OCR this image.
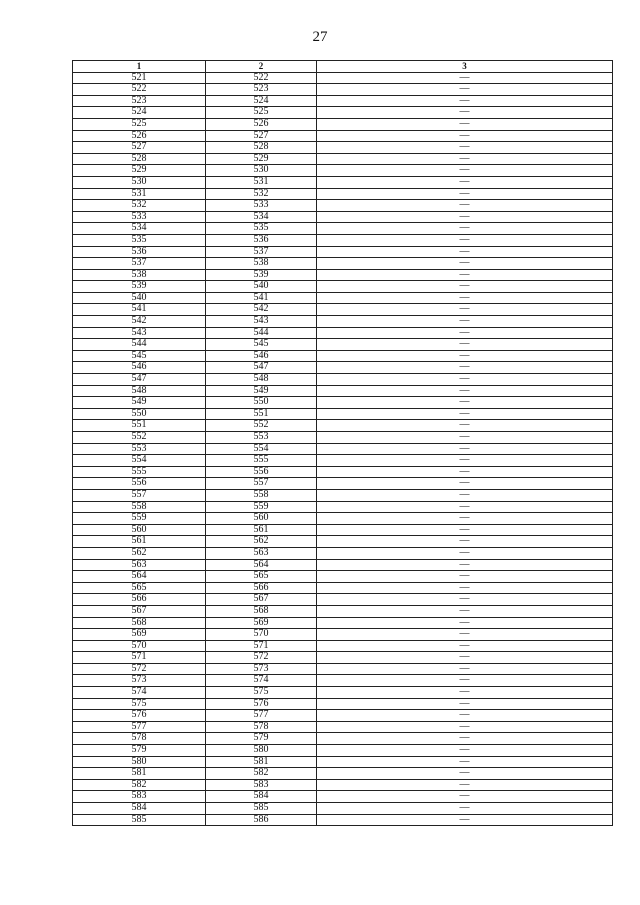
27
1	2	3
521	522	—
522	523	—
523	524	—
524	525	—
525	526	—
526	527	—
527	528	—
528	529	—
529	530	—
530	531	—
531	532	—
532	533	—
533	534	—
534	535	—
535	536	—
536	537	—
537	538	—
538	539	—
539	540	—
540	541	—
541	542	—
542	543	—
543	544	—
544	545	—
545	546	—
546	547	—
547	548	—
548	549	—
549	550	—
550	551	—
551	552	—
552	553	—
553	554	—
554	555	—
555	556	—
556	557	—
557	558	—
558	559	—
559	560	—
560	561	—
561	562	—
562	563	—
563	564	—
564	565	—
565	566	—
566	567	—
567	568	—
568	569	—
569	570	—
570	571	—
571	572	—
572	573	—
573	574	—
574	575	—
575	576	—
576	577	—
577	578	—
578	579	—
579	580	—
580	581	—
581	582	—
582	583	—
583	584	—
584	585	—
585	586	—
